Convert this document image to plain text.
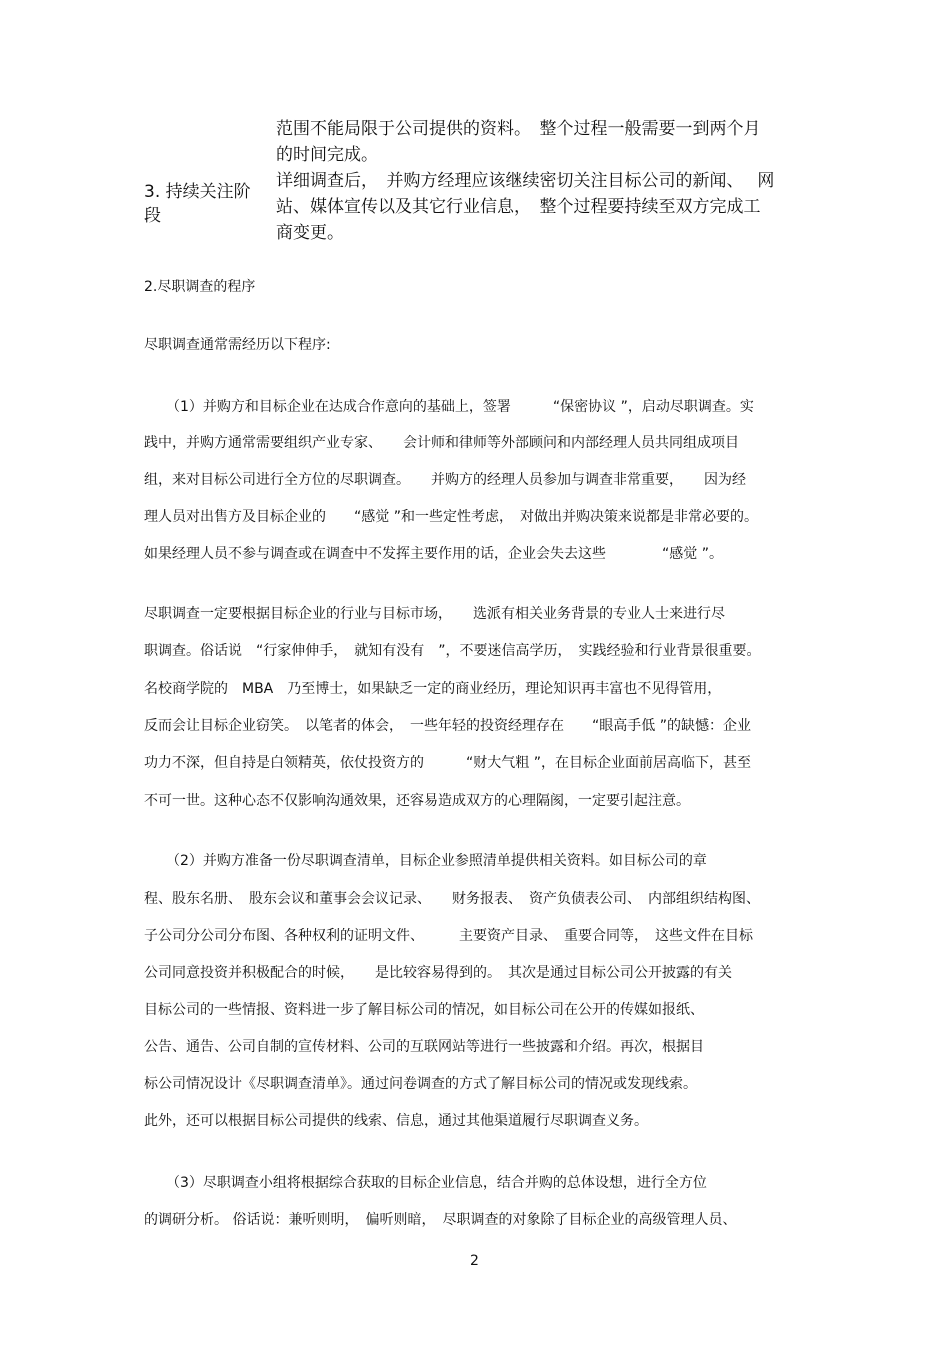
范围不能局限于公司提供的资料。　整个过程一般需要一到两个月
的时间完成。
3. 持续关注阶
段
详细调查后，　并购方经理应该继续密切关注目标公司的新闻、　 网
站、媒体宣传以及其它行业信息，　整个过程要持续至双方完成工
商变更。
2.尽职调查的程序
尽职调查通常需经历以下程序:
（1）并购方和目标企业在达成合作意向的基础上，签署　　　“保密协议 ”，启动尽职调查。实
践中，并购方通常需要组织产业专家、　　会计师和律师等外部顾问和内部经理人员共同组成项目
组，来对目标公司进行全方位的尽职调查。　　并购方的经理人员参加与调查非常重要，　　因为经
理人员对出售方及目标企业的　　“感觉 ”和一些定性考虑，　对做出并购决策来说都是非常必要的。
如果经理人员不参与调查或在调查中不发挥主要作用的话，企业会失去这些　　　　“感觉 ”。
尽职调查一定要根据目标企业的行业与目标市场，　　选派有相关业务背景的专业人士来进行尽
职调查。俗话说　“行家伸伸手，　就知有没有　”，不要迷信高学历，　实践经验和行业背景很重要。
名校商学院的　MBA　乃至博士，如果缺乏一定的商业经历，理论知识再丰富也不见得管用，
反而会让目标企业窃笑。　以笔者的体会，　一些年轻的投资经理存在　　“眼高手低 ”的缺憾：企业
功力不深，但自持是白领精英，依仗投资方的　　　“财大气粗 ”，在目标企业面前居高临下，甚至
不可一世。这种心态不仅影响沟通效果，还容易造成双方的心理隔阂，一定要引起注意。
（2）并购方准备一份尽职调查清单，目标企业参照清单提供相关资料。如目标公司的章
程、股东名册、　股东会议和董事会会议记录、　　财务报表、　资产负债表公司、　内部组织结构图、
子公司分公司分布图、各种权利的证明文件、　　　主要资产目录、　重要合同等，　这些文件在目标
公司同意投资并积极配合的时候，　　是比较容易得到的。　其次是通过目标公司公开披露的有关
目标公司的一些情报、资料进一步了解目标公司的情况，如目标公司在公开的传媒如报纸、
公告、通告、公司自制的宣传材料、公司的互联网站等进行一些披露和介绍。再次，根据目
标公司情况设计《尽职调查清单》。通过问卷调查的方式了解目标公司的情况或发现线索。
此外，还可以根据目标公司提供的线索、信息，通过其他渠道履行尽职调查义务。
（3）尽职调查小组将根据综合获取的目标企业信息，结合并购的总体设想，进行全方位
的调研分析。 俗话说：兼听则明，　偏听则暗，　尽职调查的对象除了目标企业的高级管理人员、
2
